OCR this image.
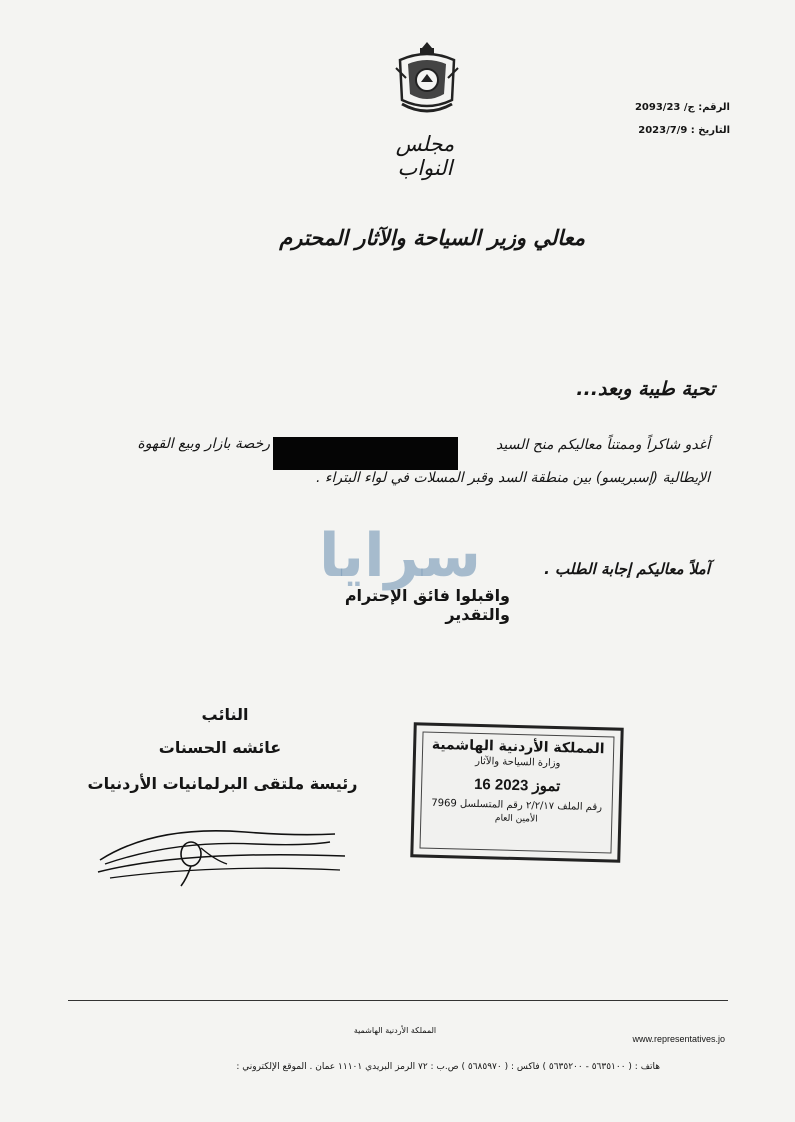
مجلس النواب
الرقم: ج/ 2093/23
التاريخ : 2023/7/9
معالي وزير السياحة والآثار المحترم
تحية طيبة وبعد...
أغدو شاكراً وممتناً معاليكم منح السيد
رخصة بازار وبيع القهوة
الإيطالية (إسبريسو) بين منطقة السد وقبر المسلات في لواء البتراء .
سرايا	آملاً معاليكم إجابة الطلب .
واقبلوا فائق الإحترام والتقدير
النائب
عائشه الحسنات
رئيسة ملتقى البرلمانيات الأردنيات
المملكة الأردنية الهاشمية
وزارة السياحة والآثار
16 تموز 2023
رقم الملف ٢/٢/١٧ رقم المتسلسل 7969
الأمين العام
المملكة الأردنية الهاشمية
www.representatives.jo
هاتف : ( ٥٦٣٥١٠٠ - ٥٦٣٥٢٠٠ ) فاكس : ( ٥٦٨٥٩٧٠ ) ص.ب : ٧٢ الرمز البريدي ١١١٠١ عمان . الموقع الإلكتروني :
